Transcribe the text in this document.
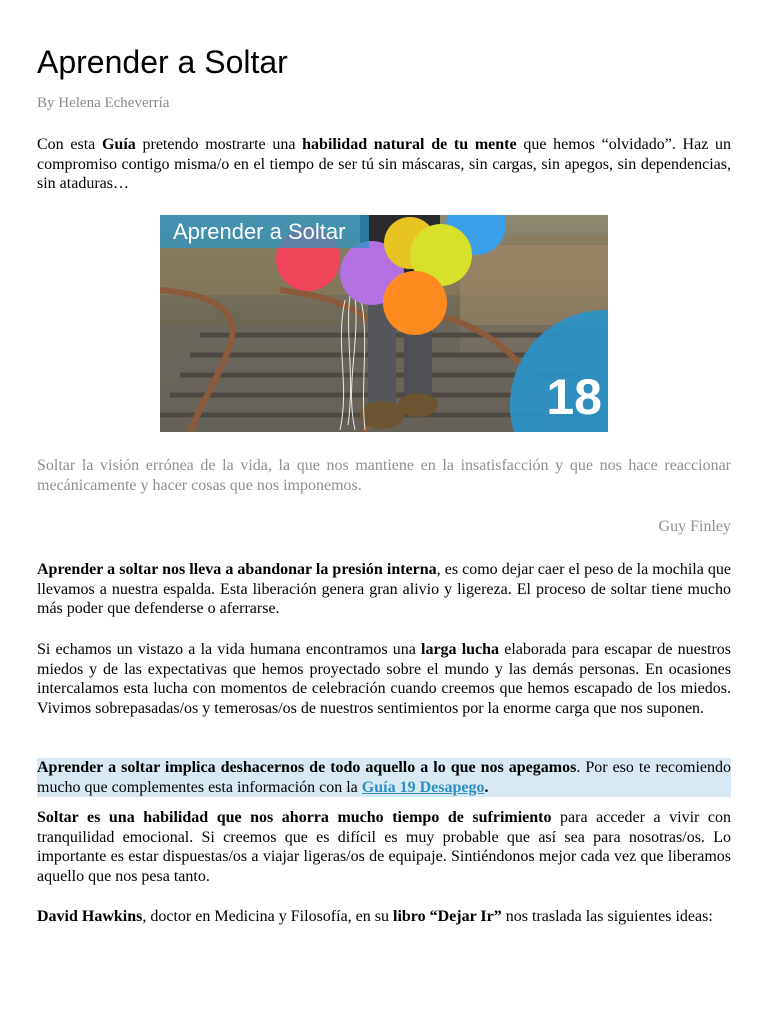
Aprender a Soltar
By Helena Echeverría

Con esta Guía pretendo mostrarte una habilidad natural de tu mente que hemos “olvidado”. Haz un compromiso contigo misma/o en el tiempo de ser tú sin máscaras, sin cargas, sin apegos, sin dependencias, sin ataduras…

Aprender a Soltar
18

Soltar la visión errónea de la vida, la que nos mantiene en la insatisfacción y que nos hace reaccionar mecánicamente y hacer cosas que nos imponemos.

Guy Finley

Aprender a soltar nos lleva a abandonar la presión interna, es como dejar caer el peso de la mochila que llevamos a nuestra espalda. Esta liberación genera gran alivio y ligereza. El proceso de soltar tiene mucho más poder que defenderse o aferrarse.

Si echamos un vistazo a la vida humana encontramos una larga lucha elaborada para escapar de nuestros miedos y de las expectativas que hemos proyectado sobre el mundo y las demás personas. En ocasiones intercalamos esta lucha con momentos de celebración cuando creemos que hemos escapado de los miedos. Vivimos sobrepasadas/os y temerosas/os de nuestros sentimientos por la enorme carga que nos suponen.

Aprender a soltar implica deshacernos de todo aquello a lo que nos apegamos. Por eso te recomiendo mucho que complementes esta información con la Guía 19 Desapego.

Soltar es una habilidad que nos ahorra mucho tiempo de sufrimiento para acceder a vivir con tranquilidad emocional. Si creemos que es difícil es muy probable que así sea para nosotras/os. Lo importante es estar dispuestas/os a viajar ligeras/os de equipaje. Sintiéndonos mejor cada vez que liberamos aquello que nos pesa tanto.

David Hawkins, doctor en Medicina y Filosofía, en su libro “Dejar Ir” nos traslada las siguientes ideas:
